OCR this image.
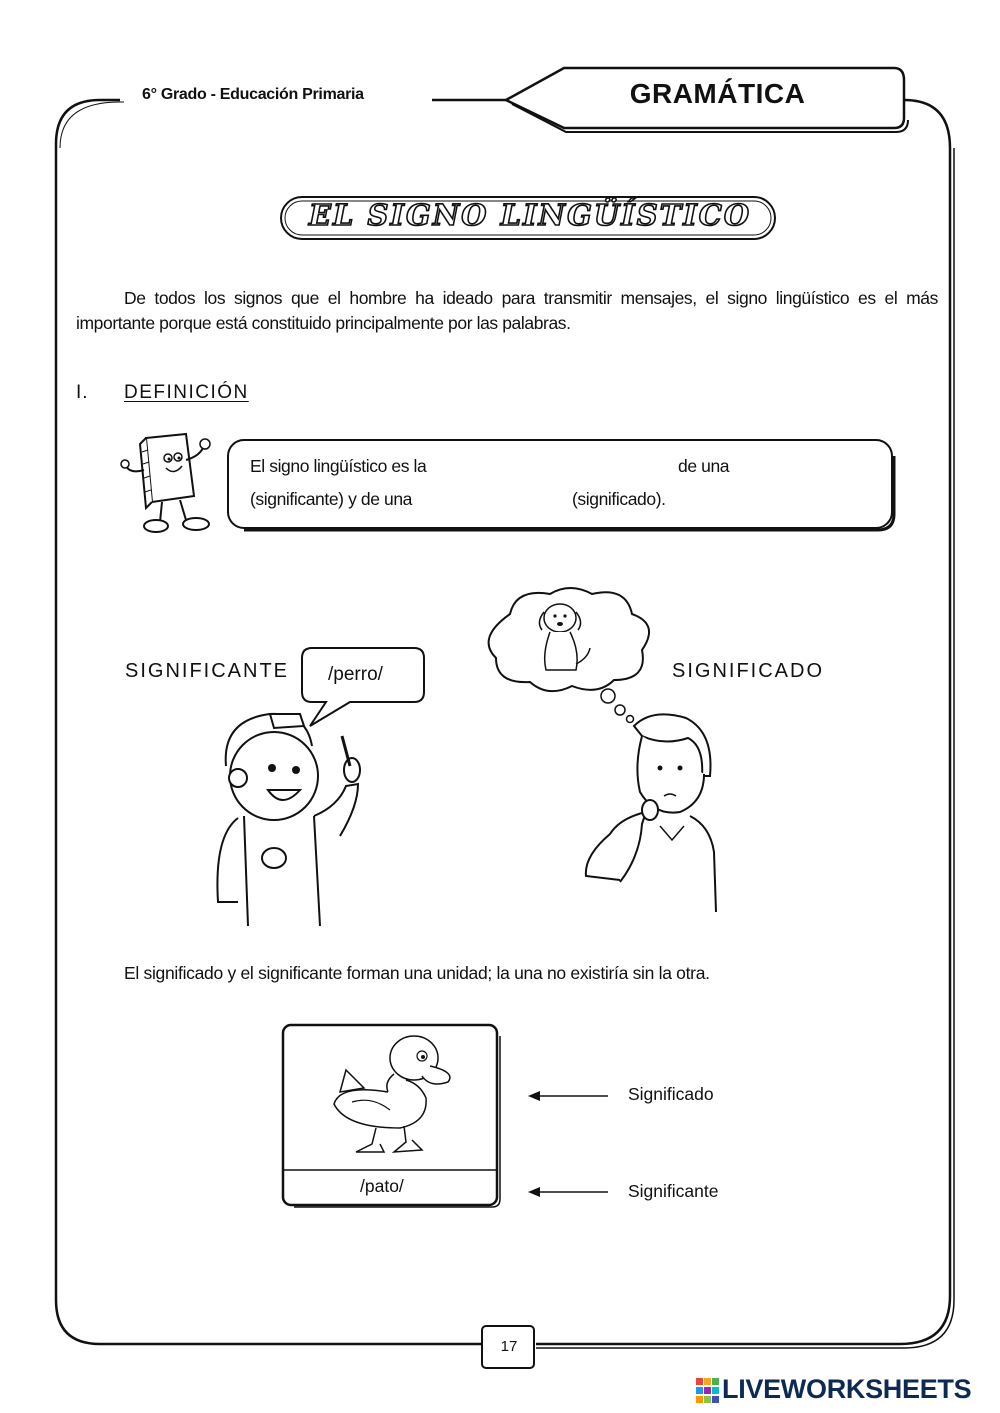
6° Grado - Educación Primaria	GRAMÁTICA
EL SIGNO LINGÜÍSTICO
De todos los signos que el hombre ha ideado para transmitir mensajes, el signo lingüístico es el más importante porque está constituido principalmente por las palabras.
I. DEFINICIÓN
El signo lingüístico es la	de una
(significante) y de una	(significado).
SIGNIFICANTE	SIGNIFICADO
/perro/
El significado y el significante forman una unidad; la una no existiría sin la otra.
/pato/
Significado
Significante
17
LIVEWORKSHEETS
